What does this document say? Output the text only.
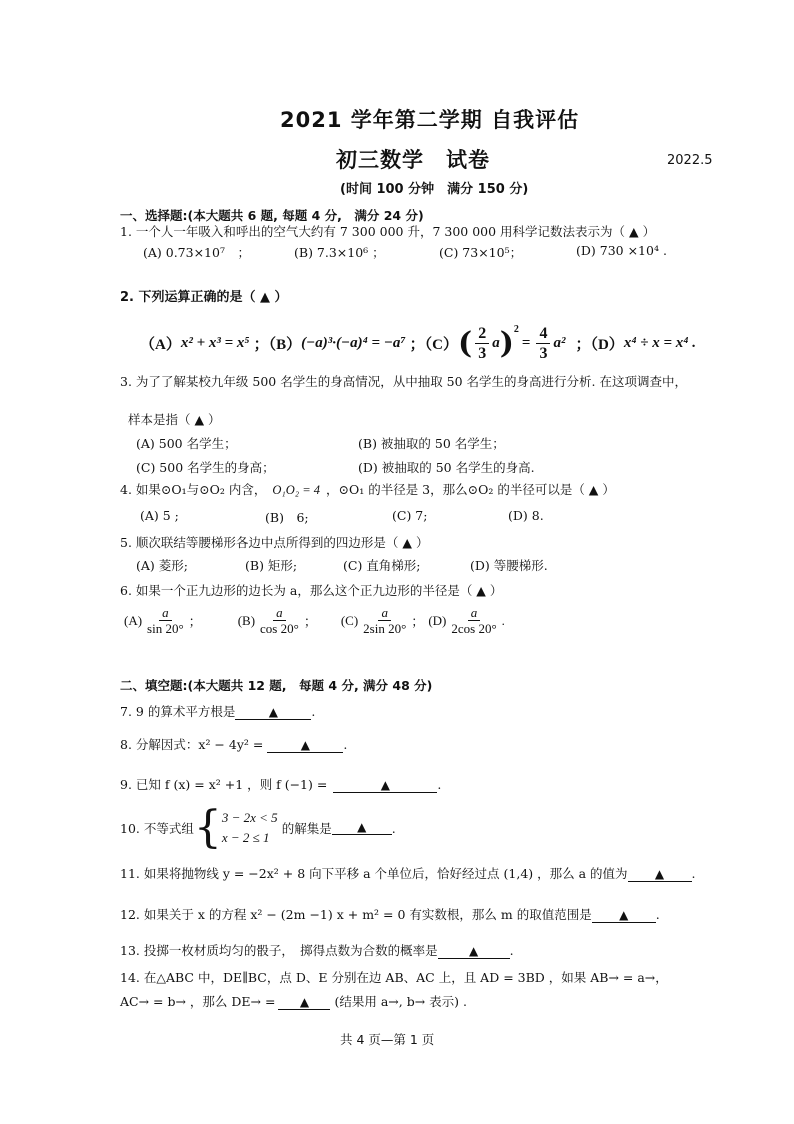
2021 学年第二学期 自我评估
初三数学　试卷	2022.5
(时间 100 分钟　满分 150 分)
一、选择题:(本大题共 6 题, 每题 4 分,　满分 24 分)
1. 一个人一年吸入和呼出的空气大约有 7 300 000 升，7 300 000 用科学记数法表示为（ ▲ ）
(A) 0.73×10⁷　；	(B) 7.3×10⁶ ；	(C) 73×10⁵；	(D) 730 ×10⁴ .
2. 下列运算正确的是（ ▲ ）
（A） x² + x³ = x⁵ ；（B） (−a)³·(−a)⁴ = −a⁷ ；（C） ( $\frac{2}{3}$ a )$^2$
= $\frac{4}{3} a^2$ ；（D） x⁴ ÷ x = x⁴ .
3. 为了了解某校九年级 500 名学生的身高情况，从中抽取 50 名学生的身高进行分析. 在这项调查中，
样本是指（ ▲ ）
(A) 500 名学生；	(B) 被抽取的 50 名学生；
(C) 500 名学生的身高；	(D) 被抽取的 50 名学生的身高.
4. 如果⊙O₁与⊙O₂ 内含， O₁O₂ = 4 ，⊙O₁ 的半径是 3，那么⊙O₂ 的半径可以是（ ▲ ）
(A) 5 ;	(B)　6;	(C) 7;	(D) 8.
5. 顺次联结等腰梯形各边中点所得到的四边形是（ ▲ ）
(A) 菱形;	(B) 矩形;	(C) 直角梯形;	(D) 等腰梯形.
6. 如果一个正九边形的边长为 a，那么这个正九边形的半径是（ ▲ ）
$(A) \frac{a}{\sin 20^\circ}$ ；	$(B) \frac{a}{\cos 20^\circ}$ ； $(C) \frac{a}{2\sin 20^\circ}$ ； $(D) \frac{a}{2\cos 20^\circ}$ .
二、填空题:(本大题共 12 题,　每题 4 分, 满分 48 分)
7. 9 的算术平方根是	▲	.
8. 分解因式：x² − 4y² =	▲	.
9. 已知 f (x) = x² +1 ，则 f (−1) =	▲	.
10. 不等式组 { 3 − 2x < 5
x − 2 ≤ 1
的解集是	▲	.
11. 如果将抛物线 y = −2x² + 8 向下平移 a 个单位后，恰好经过点 (1,4) ，那么 a 的值为 ▲ .
12. 如果关于 x 的方程 x² − (2m −1) x + m² = 0 有实数根，那么 m 的取值范围是 ▲ .
13. 投掷一枚材质均匀的骰子，　掷得点数为合数的概率是	▲	.
14. 在△ABC 中，DE∥BC，点 D、E 分别在边 AB、AC 上，且 AD = 3BD ，如果 AB→ = a→，
AC→ = b→ ，那么 DE→ = ▲ (结果用 a→, b→ 表示) .
共 4 页—第 1 页
